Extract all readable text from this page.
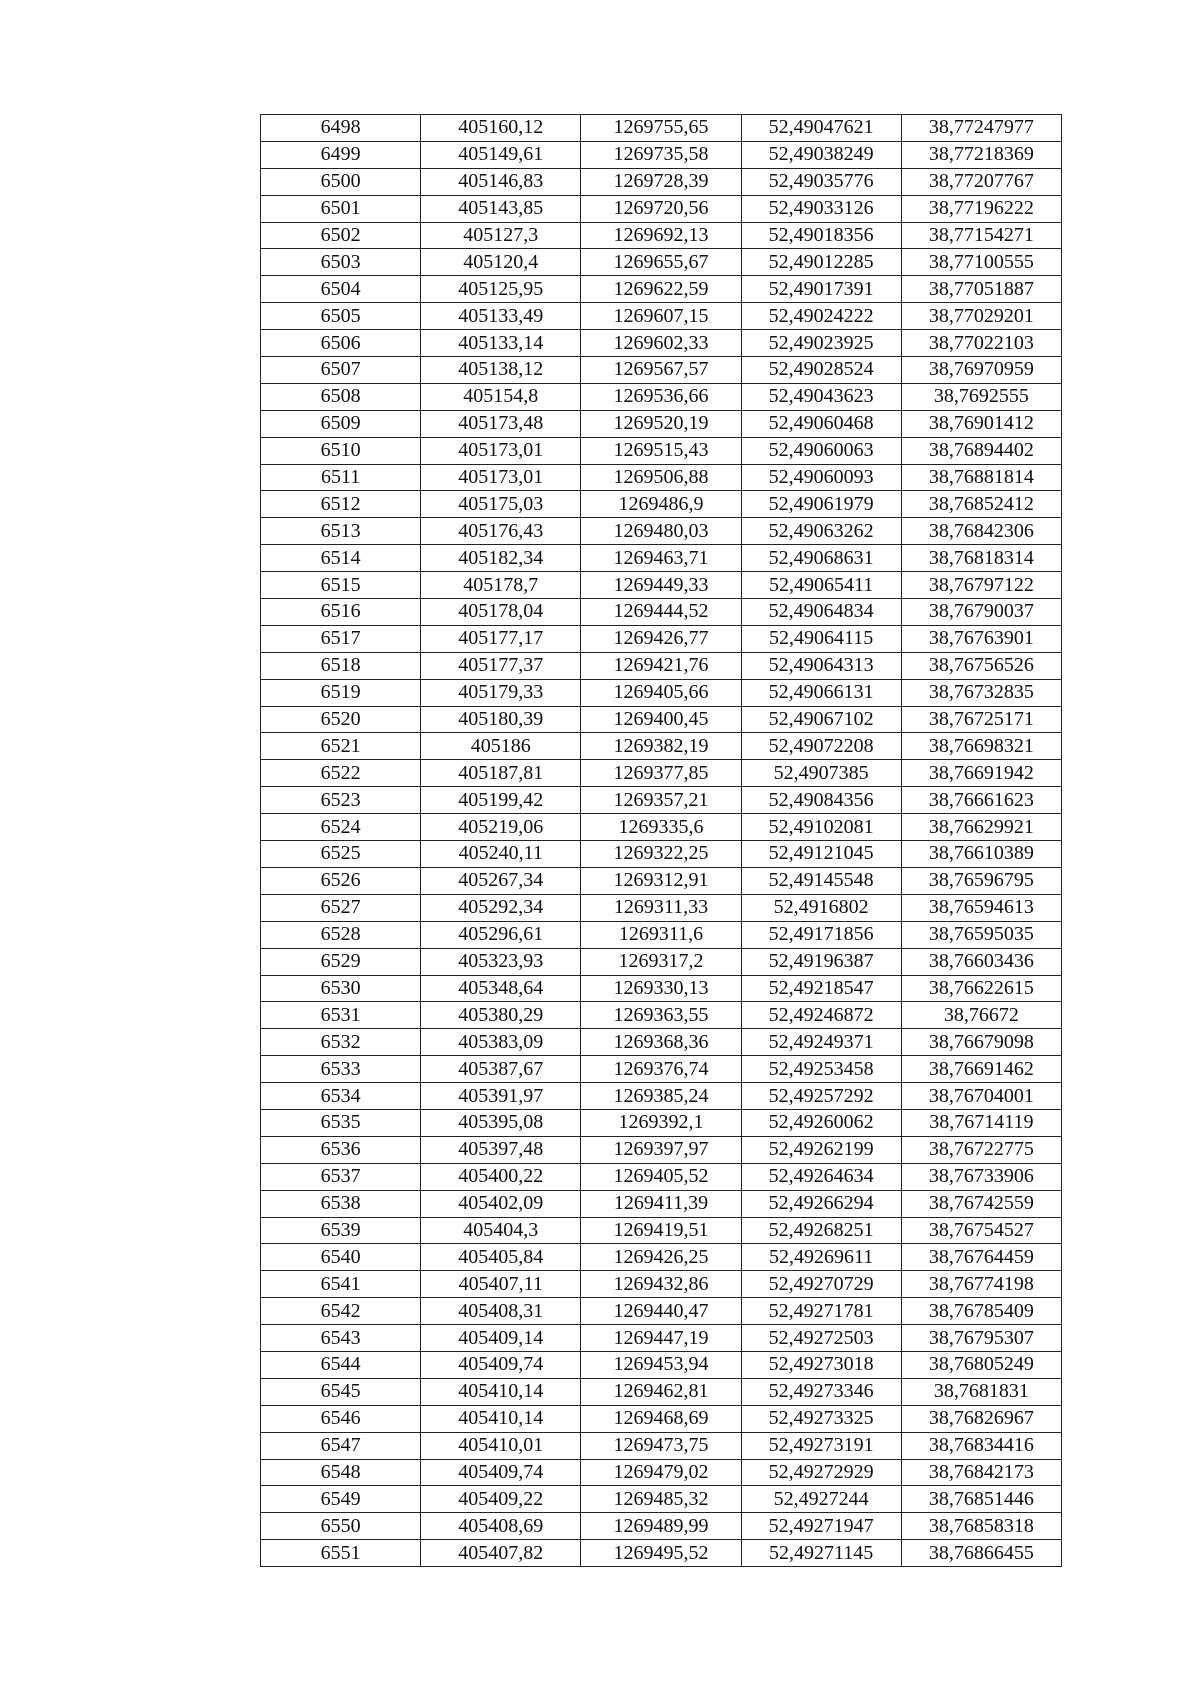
6498	405160,12	1269755,65	52,49047621	38,77247977
6499	405149,61	1269735,58	52,49038249	38,77218369
6500	405146,83	1269728,39	52,49035776	38,77207767
6501	405143,85	1269720,56	52,49033126	38,77196222
6502	405127,3	1269692,13	52,49018356	38,77154271
6503	405120,4	1269655,67	52,49012285	38,77100555
6504	405125,95	1269622,59	52,49017391	38,77051887
6505	405133,49	1269607,15	52,49024222	38,77029201
6506	405133,14	1269602,33	52,49023925	38,77022103
6507	405138,12	1269567,57	52,49028524	38,76970959
6508	405154,8	1269536,66	52,49043623	38,7692555
6509	405173,48	1269520,19	52,49060468	38,76901412
6510	405173,01	1269515,43	52,49060063	38,76894402
6511	405173,01	1269506,88	52,49060093	38,76881814
6512	405175,03	1269486,9	52,49061979	38,76852412
6513	405176,43	1269480,03	52,49063262	38,76842306
6514	405182,34	1269463,71	52,49068631	38,76818314
6515	405178,7	1269449,33	52,49065411	38,76797122
6516	405178,04	1269444,52	52,49064834	38,76790037
6517	405177,17	1269426,77	52,49064115	38,76763901
6518	405177,37	1269421,76	52,49064313	38,76756526
6519	405179,33	1269405,66	52,49066131	38,76732835
6520	405180,39	1269400,45	52,49067102	38,76725171
6521	405186	1269382,19	52,49072208	38,76698321
6522	405187,81	1269377,85	52,4907385	38,76691942
6523	405199,42	1269357,21	52,49084356	38,76661623
6524	405219,06	1269335,6	52,49102081	38,76629921
6525	405240,11	1269322,25	52,49121045	38,76610389
6526	405267,34	1269312,91	52,49145548	38,76596795
6527	405292,34	1269311,33	52,4916802	38,76594613
6528	405296,61	1269311,6	52,49171856	38,76595035
6529	405323,93	1269317,2	52,49196387	38,76603436
6530	405348,64	1269330,13	52,49218547	38,76622615
6531	405380,29	1269363,55	52,49246872	38,76672
6532	405383,09	1269368,36	52,49249371	38,76679098
6533	405387,67	1269376,74	52,49253458	38,76691462
6534	405391,97	1269385,24	52,49257292	38,76704001
6535	405395,08	1269392,1	52,49260062	38,76714119
6536	405397,48	1269397,97	52,49262199	38,76722775
6537	405400,22	1269405,52	52,49264634	38,76733906
6538	405402,09	1269411,39	52,49266294	38,76742559
6539	405404,3	1269419,51	52,49268251	38,76754527
6540	405405,84	1269426,25	52,49269611	38,76764459
6541	405407,11	1269432,86	52,49270729	38,76774198
6542	405408,31	1269440,47	52,49271781	38,76785409
6543	405409,14	1269447,19	52,49272503	38,76795307
6544	405409,74	1269453,94	52,49273018	38,76805249
6545	405410,14	1269462,81	52,49273346	38,7681831
6546	405410,14	1269468,69	52,49273325	38,76826967
6547	405410,01	1269473,75	52,49273191	38,76834416
6548	405409,74	1269479,02	52,49272929	38,76842173
6549	405409,22	1269485,32	52,4927244	38,76851446
6550	405408,69	1269489,99	52,49271947	38,76858318
6551	405407,82	1269495,52	52,49271145	38,76866455
